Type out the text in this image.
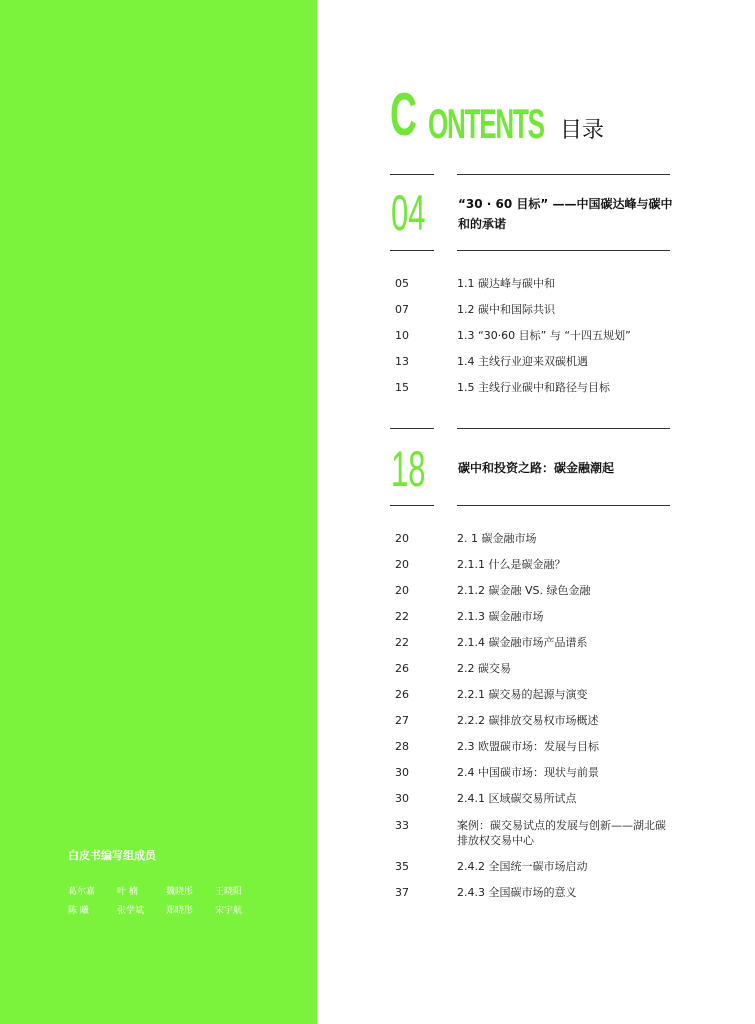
白皮书编写组成员
葛尔嘉	叶 楠	魏晓彤	王晓阳
陈 曦	张学斌	郑晓彤	宋宇航
C ONTENTS 目录
04	“30 · 60 目标” ——中国碳达峰与碳中和的承诺
05	1.1 碳达峰与碳中和
07	1.2 碳中和国际共识
10	1.3 “30·60 目标” 与 “十四五规划”
13	1.4 主线行业迎来双碳机遇
15	1.5 主线行业碳中和路径与目标
18	碳中和投资之路：碳金融潮起
20	2. 1 碳金融市场
20	2.1.1 什么是碳金融？
20	2.1.2 碳金融 VS. 绿色金融
22	2.1.3 碳金融市场
22	2.1.4 碳金融市场产品谱系
26	2.2 碳交易
26	2.2.1 碳交易的起源与演变
27	2.2.2 碳排放交易权市场概述
28	2.3 欧盟碳市场：发展与目标
30	2.4 中国碳市场：现状与前景
30	2.4.1 区域碳交易所试点
33	案例：碳交易试点的发展与创新——湖北碳排放权交易中心
35	2.4.2 全国统一碳市场启动
37	2.4.3 全国碳市场的意义
